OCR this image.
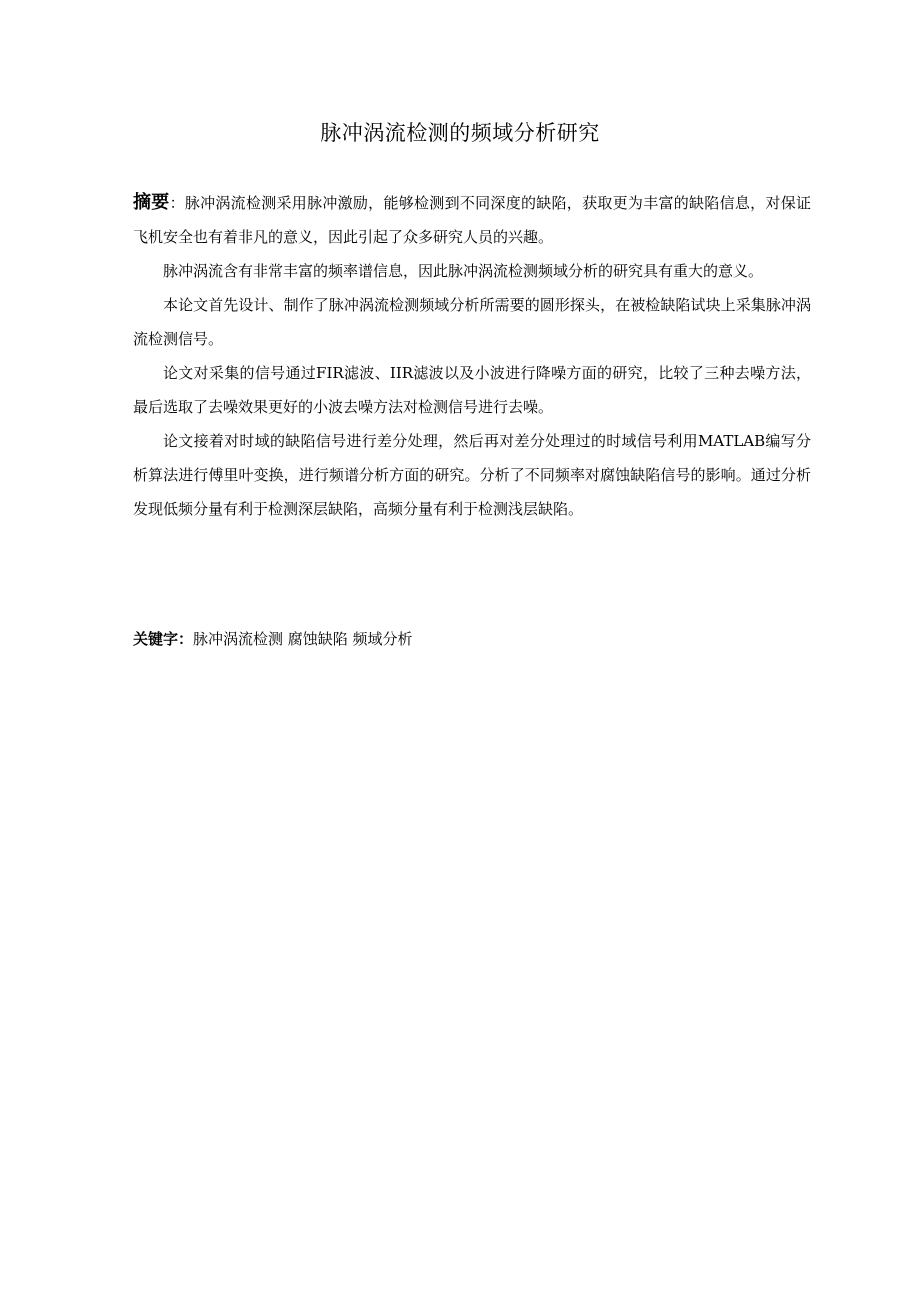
脉冲涡流检测的频域分析研究

摘要：脉冲涡流检测采用脉冲激励，能够检测到不同深度的缺陷，获取更为丰富的缺陷信息，对保证飞机安全也有着非凡的意义，因此引起了众多研究人员的兴趣。

脉冲涡流含有非常丰富的频率谱信息，因此脉冲涡流检测频域分析的研究具有重大的意义。

本论文首先设计、制作了脉冲涡流检测频域分析所需要的圆形探头，在被检缺陷试块上采集脉冲涡流检测信号。

论文对采集的信号通过FIR滤波、IIR滤波以及小波进行降噪方面的研究，比较了三种去噪方法，最后选取了去噪效果更好的小波去噪方法对检测信号进行去噪。

论文接着对时域的缺陷信号进行差分处理，然后再对差分处理过的时域信号利用MATLAB编写分析算法进行傅里叶变换，进行频谱分析方面的研究。分析了不同频率对腐蚀缺陷信号的影响。通过分析发现低频分量有利于检测深层缺陷，高频分量有利于检测浅层缺陷。

关键字：脉冲涡流检测 腐蚀缺陷 频域分析
